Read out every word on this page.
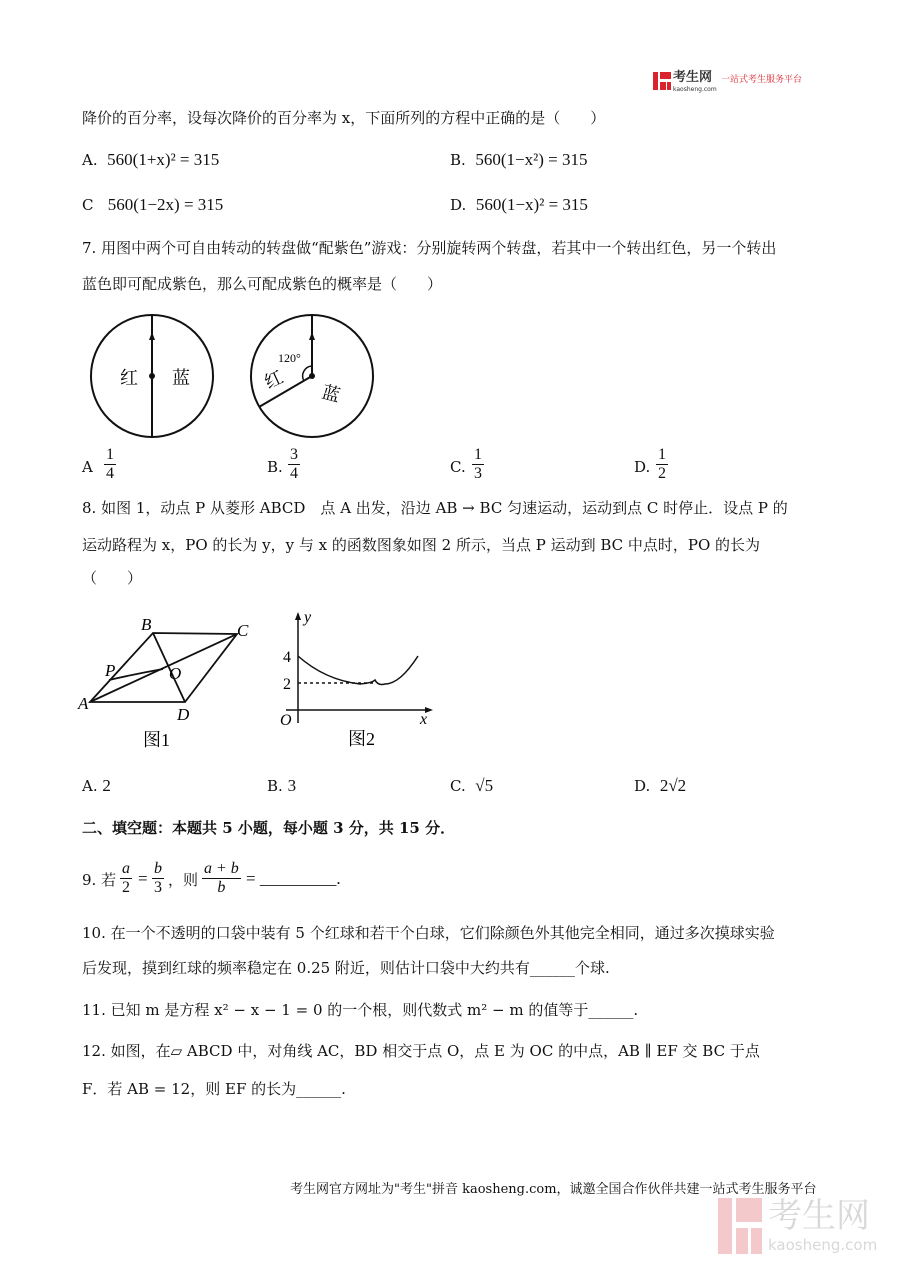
考生网
kaosheng.com
一站式考生服务平台
降价的百分率，设每次降价的百分率为 x，下面所列的方程中正确的是（　　）
A. 560(1+x)² = 315	B. 560(1−x²) = 315
C 560(1−2x) = 315	D. 560(1−x)² = 315
7. 用图中两个可自由转动的转盘做“配紫色”游戏：分别旋转两个转盘，若其中一个转出红色，另一个转出
蓝色即可配成紫色，那么可配成紫色的概率是（　　）
红 蓝
120°
红
蓝
A $\frac{1}{4}$	B. $\frac{3}{4}$	C. $\frac{1}{3}$	D. $\frac{1}{2}$
8. 如图 1，动点 P 从菱形 ABCD　点 A 出发，沿边 AB → BC 匀速运动，运动到点 C 时停止．设点 P 的
运动路程为 x，PO 的长为 y，y 与 x 的函数图象如图 2 所示，当点 P 运动到 BC 中点时，PO 的长为
（　　）
A
B	C
D
P	O
图1
y
x
O
4
2
图2
A. 2	B. 3	C. √5	D. 2√2
二、填空题：本题共 5 小题，每小题 3 分，共 15 分．
9. 若 $\frac{a}{2} = \frac{b}{3}$ ，则 $\frac{a + b}{b}$ = _________.
10. 在一个不透明的口袋中装有 5 个红球和若干个白球，它们除颜色外其他完全相同，通过多次摸球实验
后发现，摸到红球的频率稳定在 0.25 附近，则估计口袋中大约共有______个球.
11. 已知 m 是方程 x² − x − 1 = 0 的一个根，则代数式 m² − m 的值等于______.
12. 如图，在▱ ABCD 中，对角线 AC，BD 相交于点 O，点 E 为 OC 的中点，AB ∥ EF 交 BC 于点
F．若 AB = 12，则 EF 的长为______.
考生网官方网址为"考生"拼音 kaosheng.com，诚邀全国合作伙伴共建一站式考生服务平台
考生网
kaosheng.com
